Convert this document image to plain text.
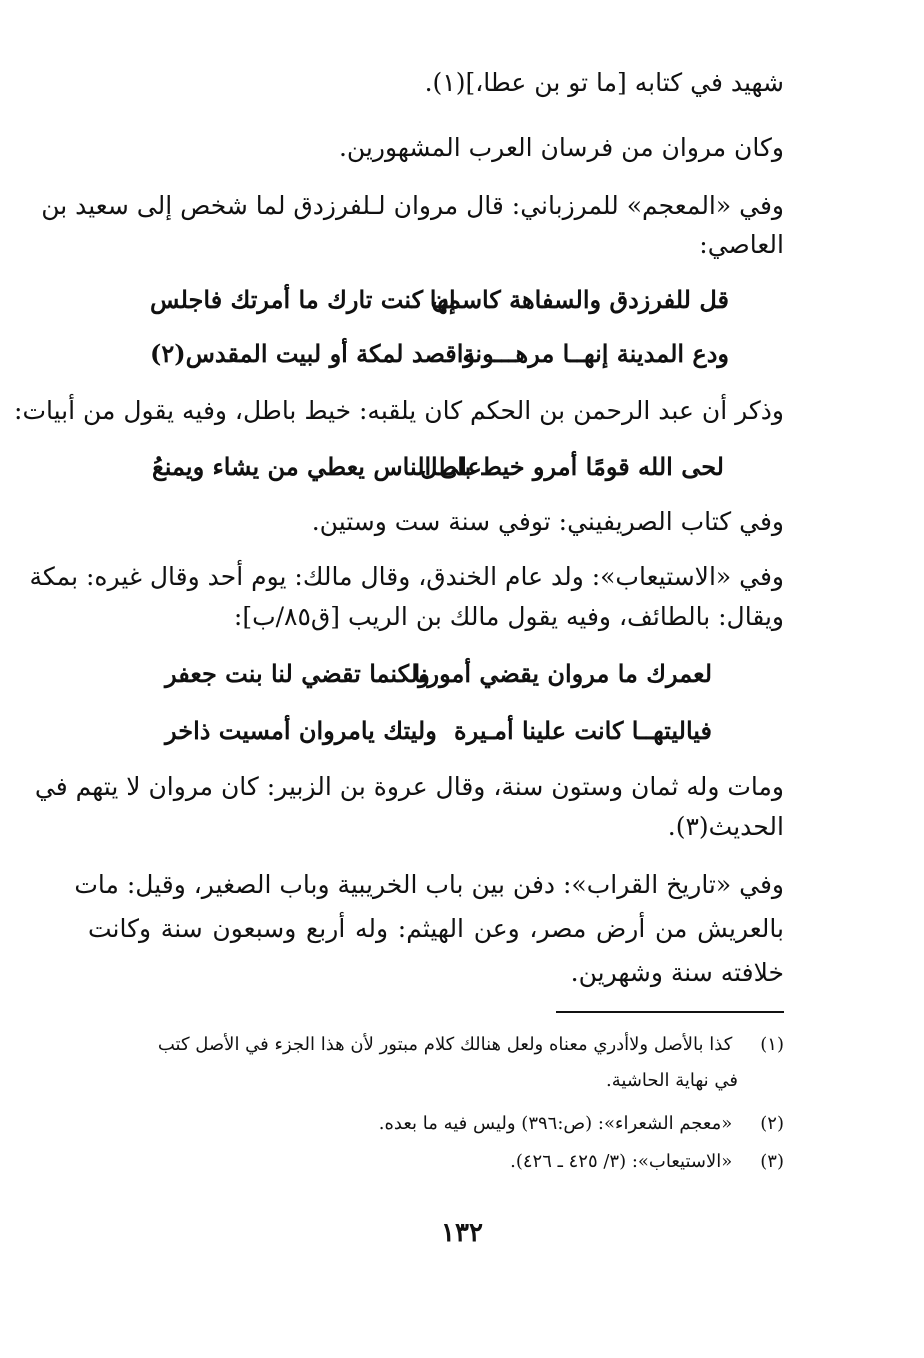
شهيد في كتابه [ما تو بن عطا،](١).
وكان مروان من فرسان العرب المشهورين.
وفي «المعجم» للمرزباني: قال مروان لـلفرزدق لما شخص إلى سعيد بن
العاصي:
قل للفرزدق والسفاهة كاسمها
إن كنت تارك ما أمرتك فاجلس
ودع المدينة إنهــا مرهـــونة
واقصد لمكة أو لبيت المقدس(٢)
وذكر أن عبد الرحمن بن الحكم كان يلقبه: خيط باطل، وفيه يقول من أبيات:
لحى الله قومًا أمرو خيط باطل
على الناس يعطي من يشاء ويمنعُ
وفي كتاب الصريفيني: توفي سنة ست وستين.
وفي «الاستيعاب»: ولد عام الخندق، وقال مالك: يوم أحد وقال غيره: بمكة
ويقال: بالطائف، وفيه يقول مالك بن الريب [ق٨٥/ب]:
لعمرك ما مروان يقضي أمورنا
ولكنما تقضي لنا بنت جعفر
فياليتهــا كانت علينا أمـيرة
وليتك يامروان أمسيت ذاخر
ومات وله ثمان وستون سنة، وقال عروة بن الزبير: كان مروان لا يتهم في
الحديث(٣).
وفي «تاريخ القراب»: دفن بين باب الخريبية وباب الصغير، وقيل: مات
بالعريش من أرض مصر، وعن الهيثم: وله أربع وسبعون سنة وكانت
خلافته سنة وشهرين.
(١) كذا بالأصل ولاأدري معناه ولعل هنالك كلام مبتور لأن هذا الجزء في الأصل كتب
في نهاية الحاشية.
(٢) «معجم الشعراء»: (ص:٣٩٦) وليس فيه ما بعده.
(٣) «الاستيعاب»: (٣/ ٤٢٥ ـ ٤٢٦).
١٣٢
